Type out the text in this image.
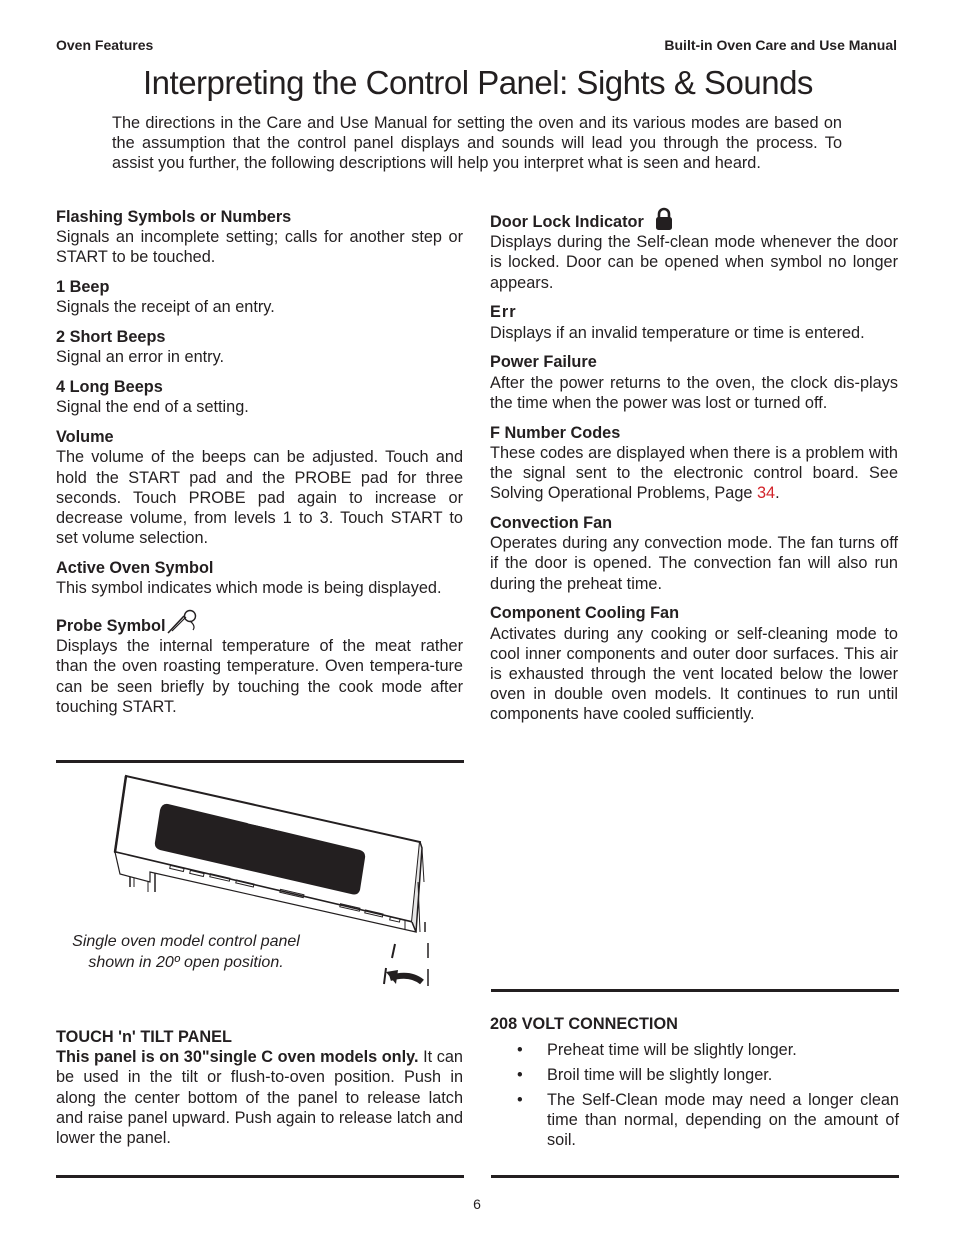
Oven Features	Built-in Oven Care and Use Manual
Interpreting the Control Panel: Sights & Sounds

The directions in the Care and Use Manual for setting the oven and its various modes are based on the assumption that the control panel displays and sounds will lead you through the process. To assist you further, the following descriptions will help you interpret what is seen and heard.

Flashing Symbols or Numbers

Signals an incomplete setting; calls for another step or START to be touched.

1 Beep

Signals the receipt of an entry.

2 Short Beeps

Signal an error in entry.

4 Long Beeps

Signal the end of a setting.

Volume

The volume of the beeps can be adjusted. Touch and hold the START pad and the PROBE pad for three seconds. Touch PROBE pad again to increase or decrease volume, from levels 1 to 3. Touch START to set volume selection.

Active Oven Symbol

This symbol indicates which mode is being displayed.

Probe Symbol

Displays the internal temperature of the meat rather than the oven roasting temperature. Oven tempera-ture can be seen briefly by touching the cook mode after touching START.

Door Lock Indicator

Displays during the Self-clean mode whenever the door is locked. Door can be opened when symbol no longer appears.

Err

Displays if an invalid temperature or time is entered.

Power Failure

After the power returns to the oven, the clock dis-plays the time when the power was lost or turned off.

F Number Codes

These codes are displayed when there is a problem with the signal sent to the electronic control board. See Solving Operational Problems, Page 34.

Convection Fan

Operates during any convection mode. The fan turns off if the door is opened. The convection fan will also run during the preheat time.

Component Cooling Fan

Activates during any cooking or self-cleaning mode to cool inner components and outer door surfaces. This air is exhausted through the vent located below the lower oven in double oven models. It continues to run until components have cooled sufficiently.

Single oven model control panel
shown in 20º open position.
TOUCH 'n' TILT PANEL

This panel is on 30"single C oven models only. It can be used in the tilt or flush-to-oven position. Push in along the center bottom of the panel to release latch and raise panel upward. Push again to release latch and lower the panel.

208 VOLT CONNECTION
• Preheat time will be slightly longer.
• Broil time will be slightly longer.
• The Self-Clean mode may need a longer clean time than normal, depending on the amount of soil.
6
